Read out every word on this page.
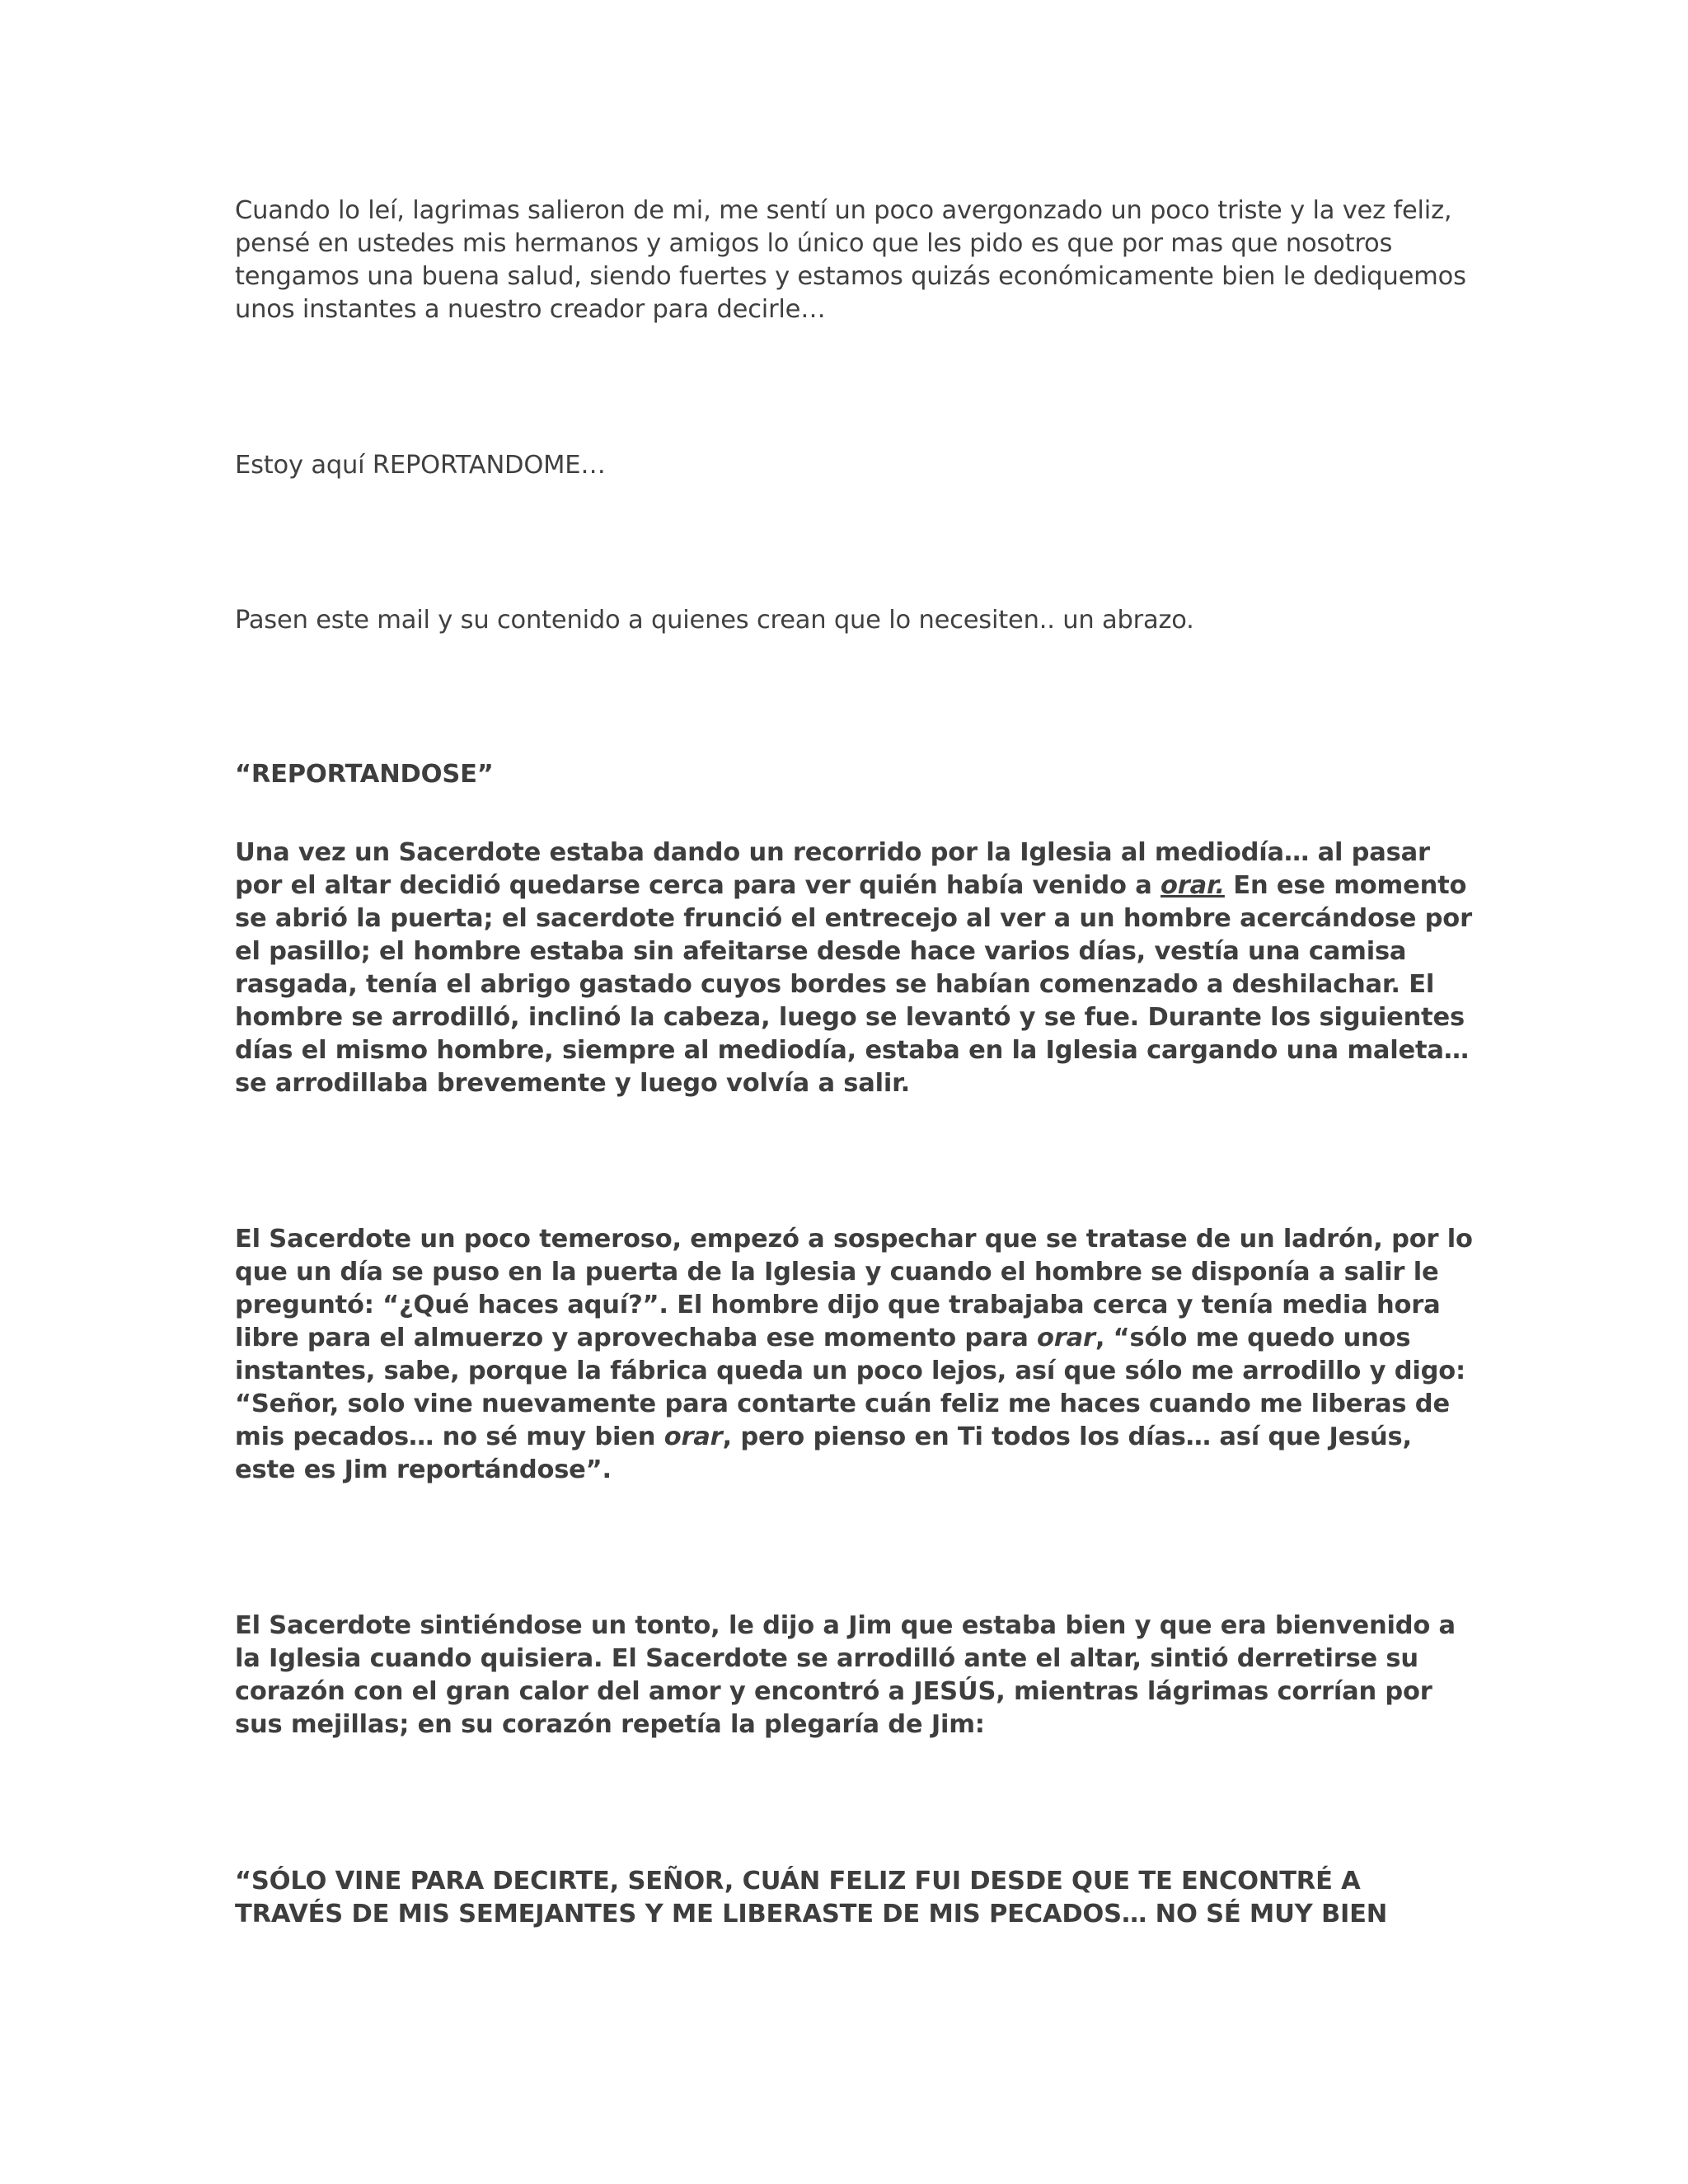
Cuando lo leí, lagrimas salieron de mi, me sentí un poco avergonzado un poco triste y la vez feliz,
pensé en ustedes mis hermanos y amigos lo único que les pido es que por mas que nosotros
tengamos una buena salud, siendo fuertes y estamos quizás económicamente bien le dediquemos
unos instantes a nuestro creador para decirle…

Estoy aquí REPORTANDOME…

Pasen este mail y su contenido a quienes crean que lo necesiten.. un abrazo.

“REPORTANDOSE”

Una vez un Sacerdote estaba dando un recorrido por la Iglesia al mediodía… al pasar
por el altar decidió quedarse cerca para ver quién había venido a orar. En ese momento
se abrió la puerta; el sacerdote frunció el entrecejo al ver a un hombre acercándose por
el pasillo; el hombre estaba sin afeitarse desde hace varios días, vestía una camisa
rasgada, tenía el abrigo gastado cuyos bordes se habían comenzado a deshilachar. El
hombre se arrodilló, inclinó la cabeza, luego se levantó y se fue. Durante los siguientes
días el mismo hombre, siempre al mediodía, estaba en la Iglesia cargando una maleta…
se arrodillaba brevemente y luego volvía a salir.

El Sacerdote un poco temeroso, empezó a sospechar que se tratase de un ladrón, por lo
que un día se puso en la puerta de la Iglesia y cuando el hombre se disponía a salir le
preguntó: “¿Qué haces aquí?”. El hombre dijo que trabajaba cerca y tenía media hora
libre para el almuerzo y aprovechaba ese momento para orar, “sólo me quedo unos
instantes, sabe, porque la fábrica queda un poco lejos, así que sólo me arrodillo y digo:
“Señor, solo vine nuevamente para contarte cuán feliz me haces cuando me liberas de
mis pecados… no sé muy bien orar, pero pienso en Ti todos los días… así que Jesús,
este es Jim reportándose”.

El Sacerdote sintiéndose un tonto, le dijo a Jim que estaba bien y que era bienvenido a
la Iglesia cuando quisiera. El Sacerdote se arrodilló ante el altar, sintió derretirse su
corazón con el gran calor del amor y encontró a JESÚS, mientras lágrimas corrían por
sus mejillas; en su corazón repetía la plegaría de Jim:

“SÓLO VINE PARA DECIRTE, SEÑOR, CUÁN FELIZ FUI DESDE QUE TE ENCONTRÉ A
TRAVÉS DE MIS SEMEJANTES Y ME LIBERASTE DE MIS PECADOS… NO SÉ MUY BIEN
